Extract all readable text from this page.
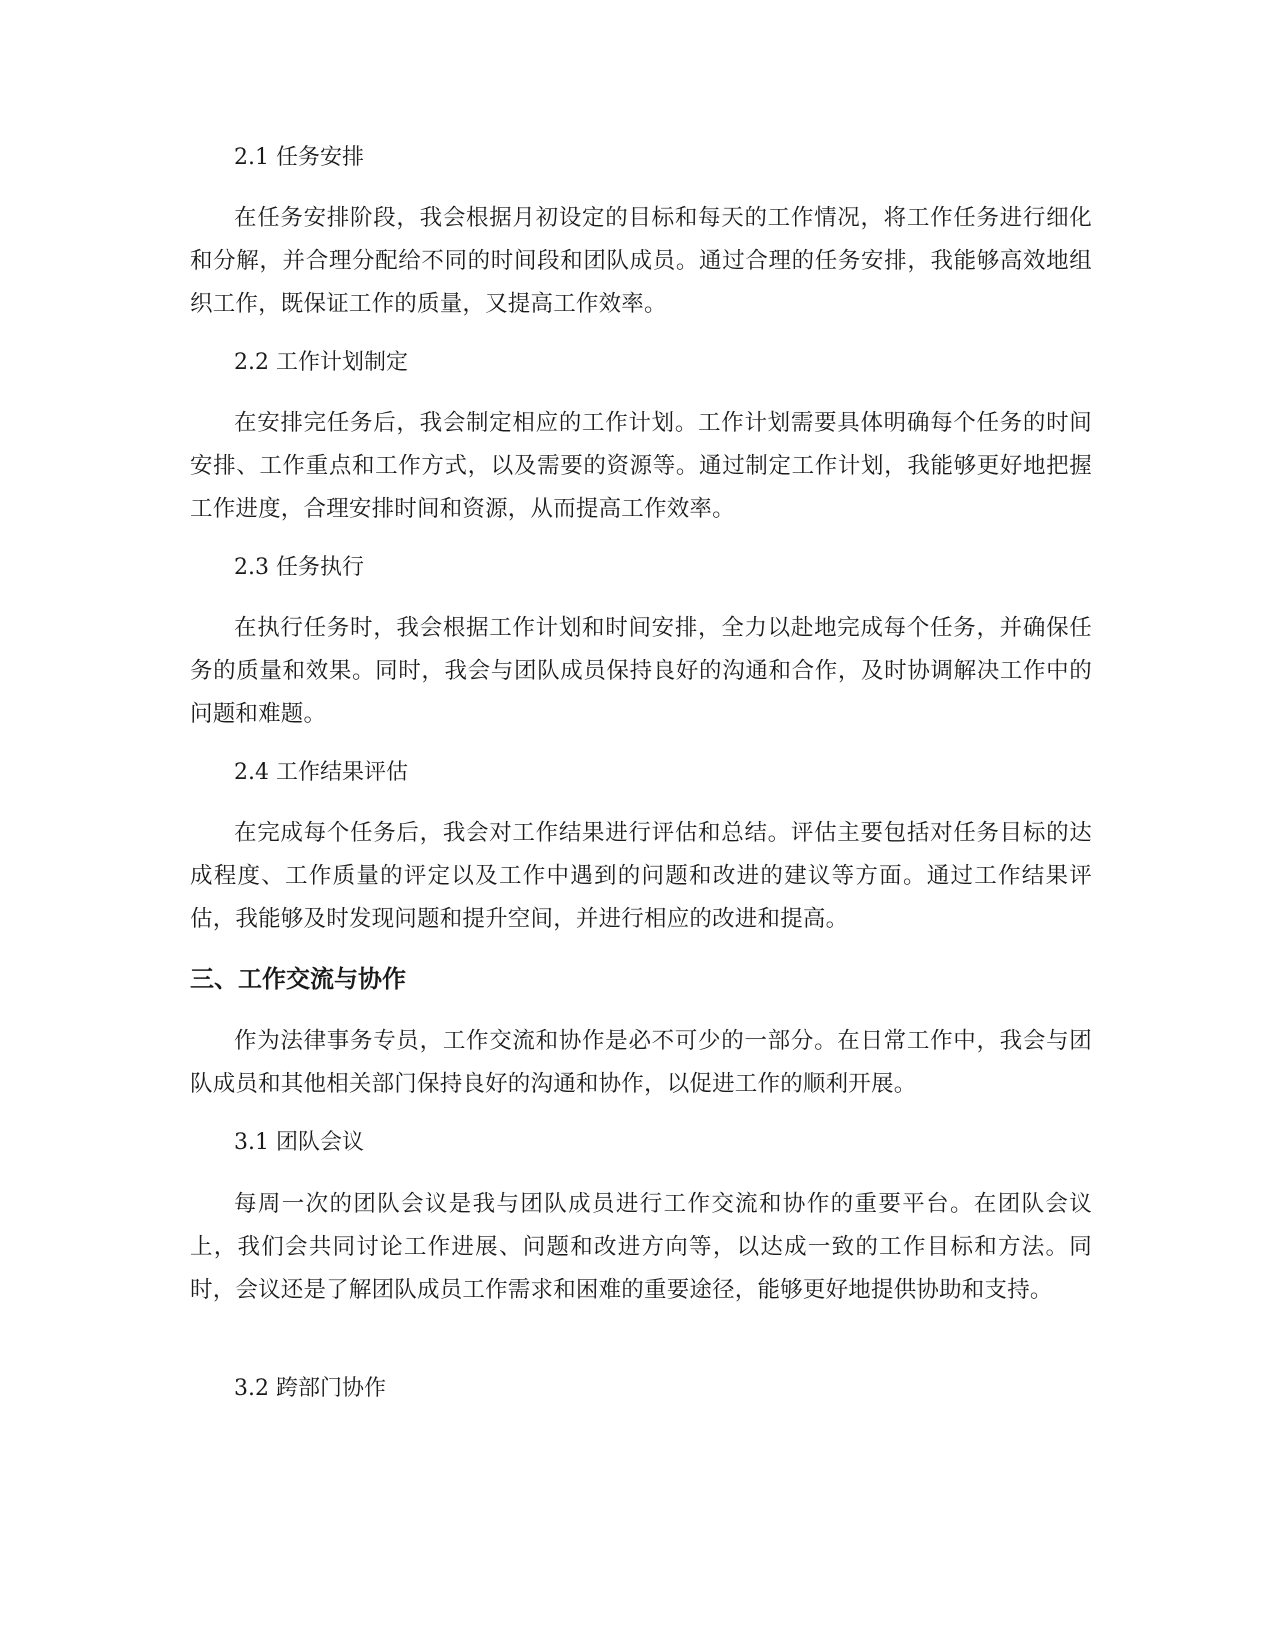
2.1 任务安排

在任务安排阶段，我会根据月初设定的目标和每天的工作情况，将工作任务进行细化和分解，并合理分配给不同的时间段和团队成员。通过合理的任务安排，我能够高效地组织工作，既保证工作的质量，又提高工作效率。

2.2 工作计划制定

在安排完任务后，我会制定相应的工作计划。工作计划需要具体明确每个任务的时间安排、工作重点和工作方式，以及需要的资源等。通过制定工作计划，我能够更好地把握工作进度，合理安排时间和资源，从而提高工作效率。

2.3 任务执行

在执行任务时，我会根据工作计划和时间安排，全力以赴地完成每个任务，并确保任务的质量和效果。同时，我会与团队成员保持良好的沟通和合作，及时协调解决工作中的问题和难题。

2.4 工作结果评估

在完成每个任务后，我会对工作结果进行评估和总结。评估主要包括对任务目标的达成程度、工作质量的评定以及工作中遇到的问题和改进的建议等方面。通过工作结果评估，我能够及时发现问题和提升空间，并进行相应的改进和提高。

三、工作交流与协作

作为法律事务专员，工作交流和协作是必不可少的一部分。在日常工作中，我会与团队成员和其他相关部门保持良好的沟通和协作，以促进工作的顺利开展。

3.1 团队会议

每周一次的团队会议是我与团队成员进行工作交流和协作的重要平台。在团队会议上，我们会共同讨论工作进展、问题和改进方向等，以达成一致的工作目标和方法。同时，会议还是了解团队成员工作需求和困难的重要途径，能够更好地提供协助和支持。

3.2 跨部门协作
